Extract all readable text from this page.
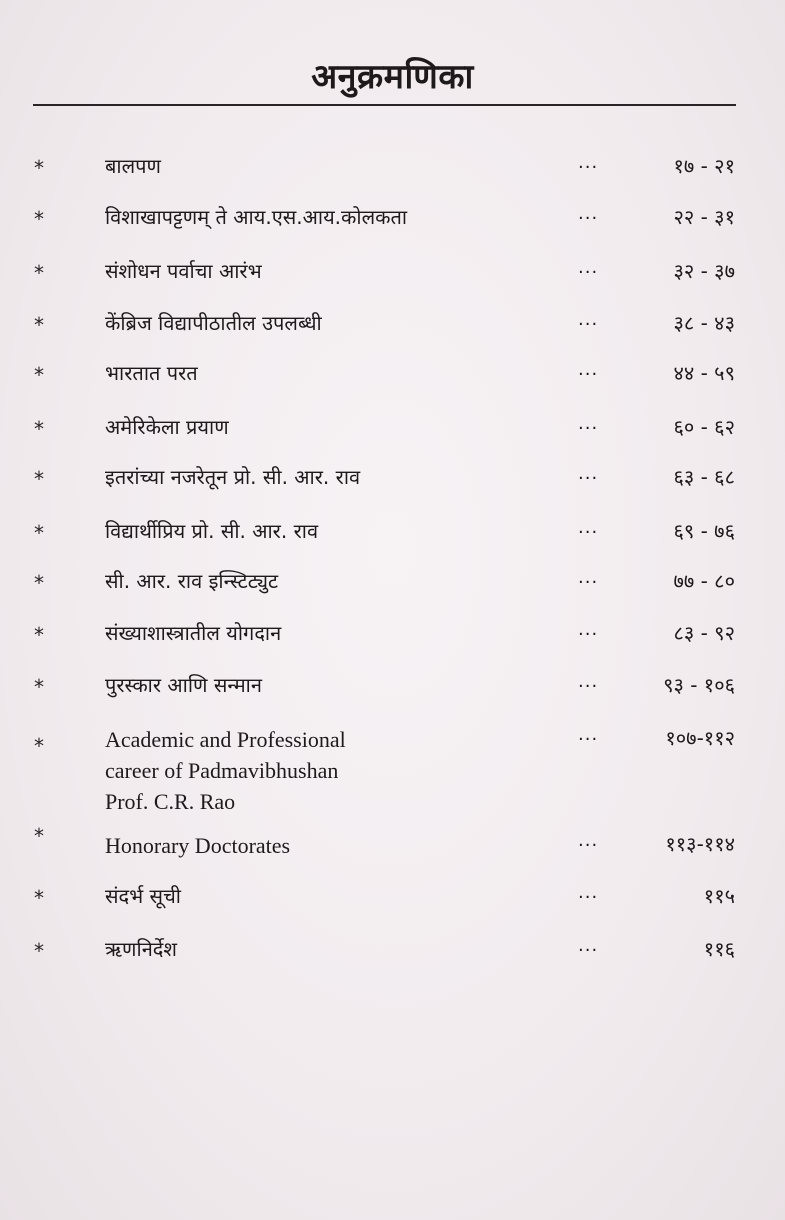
अनुक्रमणिका
*	बालपण	...	१७ - २१
*	विशाखापट्टणम् ते आय.एस.आय.कोलकता	...	२२ - ३१
*	संशोधन पर्वाचा आरंभ	...	३२ - ३७
*	केंब्रिज विद्यापीठातील उपलब्धी	...	३८ - ४३
*	भारतात परत	...	४४ - ५९
*	अमेरिकेला प्रयाण	...	६० - ६२
*	इतरांच्या नजरेतून प्रो. सी. आर. राव	...	६३ - ६८
*	विद्यार्थीप्रिय प्रो. सी. आर. राव	...	६९ - ७६
*	सी. आर. राव इन्स्टिट्युट	...	७७ - ८०
*	संख्याशास्त्रातील योगदान	...	८३ - ९२
*	पुरस्कार आणि सन्मान	...	९३ - १०६
*	Academic and Professional
career of Padmavibhushan
Prof. C.R. Rao
...	१०७-११२
*	Honorary Doctorates	...	११३-११४
*	संदर्भ सूची	...	११५
*	ऋणनिर्देश	...	११६
